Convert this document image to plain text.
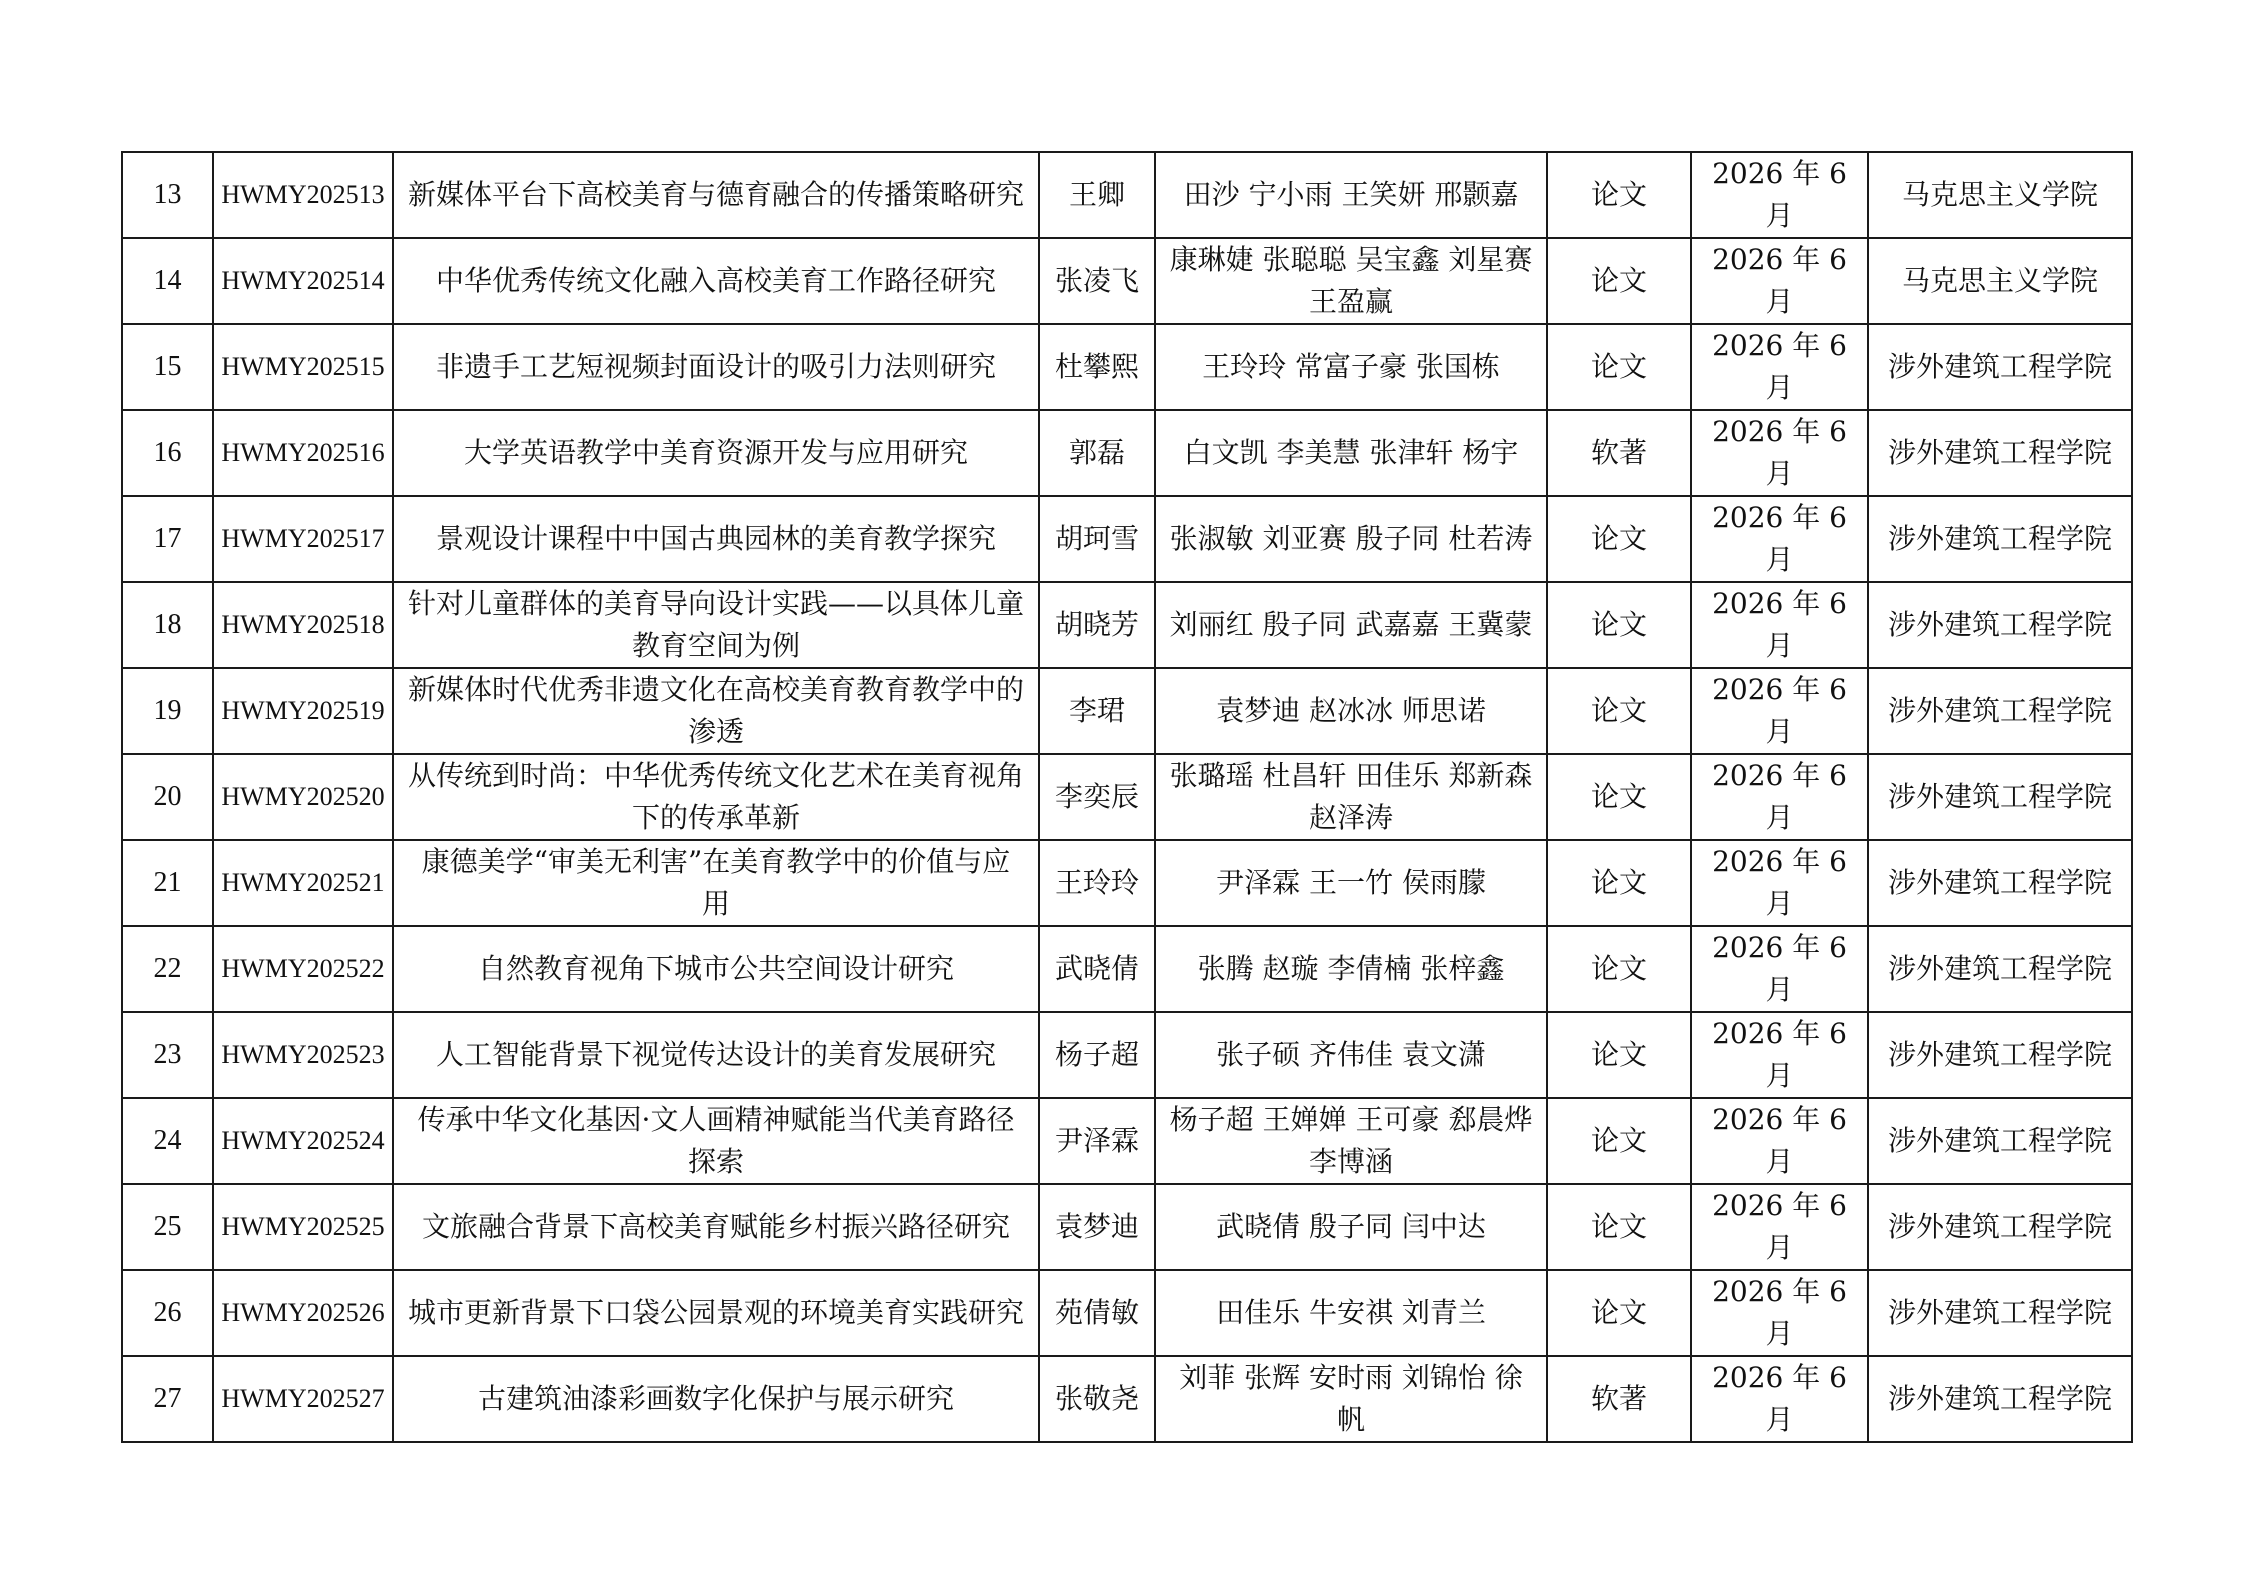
13	HWMY202513	新媒体平台下高校美育与德育融合的传播策略研究	王卿	田沙 宁小雨 王笑妍 邢颢嘉	论文	2026 年 6 月	马克思主义学院
14	HWMY202514	中华优秀传统文化融入高校美育工作路径研究	张凌飞	康琳婕 张聪聪 吴宝鑫 刘星赛 王盈赢	论文	2026 年 6 月	马克思主义学院
15	HWMY202515	非遗手工艺短视频封面设计的吸引力法则研究	杜攀熙	王玲玲 常富子豪 张国栋	论文	2026 年 6 月	涉外建筑工程学院
16	HWMY202516	大学英语教学中美育资源开发与应用研究	郭磊	白文凯 李美慧 张津轩 杨宇	软著	2026 年 6 月	涉外建筑工程学院
17	HWMY202517	景观设计课程中中国古典园林的美育教学探究	胡珂雪	张淑敏 刘亚赛 殷子同 杜若涛	论文	2026 年 6 月	涉外建筑工程学院
18	HWMY202518	针对儿童群体的美育导向设计实践——以具体儿童教育空间为例	胡晓芳	刘丽红 殷子同 武嘉嘉 王冀蒙	论文	2026 年 6 月	涉外建筑工程学院
19	HWMY202519	新媒体时代优秀非遗文化在高校美育教育教学中的渗透	李珺	袁梦迪 赵冰冰 师思诺	论文	2026 年 6 月	涉外建筑工程学院
20	HWMY202520	从传统到时尚：中华优秀传统文化艺术在美育视角下的传承革新	李奕辰	张璐瑶 杜昌轩 田佳乐 郑新森 赵泽涛	论文	2026 年 6 月	涉外建筑工程学院
21	HWMY202521	康德美学“审美无利害”在美育教学中的价值与应用	王玲玲	尹泽霖 王一竹 侯雨朦	论文	2026 年 6 月	涉外建筑工程学院
22	HWMY202522	自然教育视角下城市公共空间设计研究	武晓倩	张腾 赵璇 李倩楠 张梓鑫	论文	2026 年 6 月	涉外建筑工程学院
23	HWMY202523	人工智能背景下视觉传达设计的美育发展研究	杨子超	张子硕 齐伟佳 袁文潇	论文	2026 年 6 月	涉外建筑工程学院
24	HWMY202524	传承中华文化基因·文人画精神赋能当代美育路径探索	尹泽霖	杨子超 王婵婵 王可豪 郄晨烨 李博涵	论文	2026 年 6 月	涉外建筑工程学院
25	HWMY202525	文旅融合背景下高校美育赋能乡村振兴路径研究	袁梦迪	武晓倩 殷子同 闫中达	论文	2026 年 6 月	涉外建筑工程学院
26	HWMY202526	城市更新背景下口袋公园景观的环境美育实践研究	苑倩敏	田佳乐 牛安祺 刘青兰	论文	2026 年 6 月	涉外建筑工程学院
27	HWMY202527	古建筑油漆彩画数字化保护与展示研究	张敬尧	刘菲 张辉 安时雨 刘锦怡 徐帆	软著	2026 年 6 月	涉外建筑工程学院
